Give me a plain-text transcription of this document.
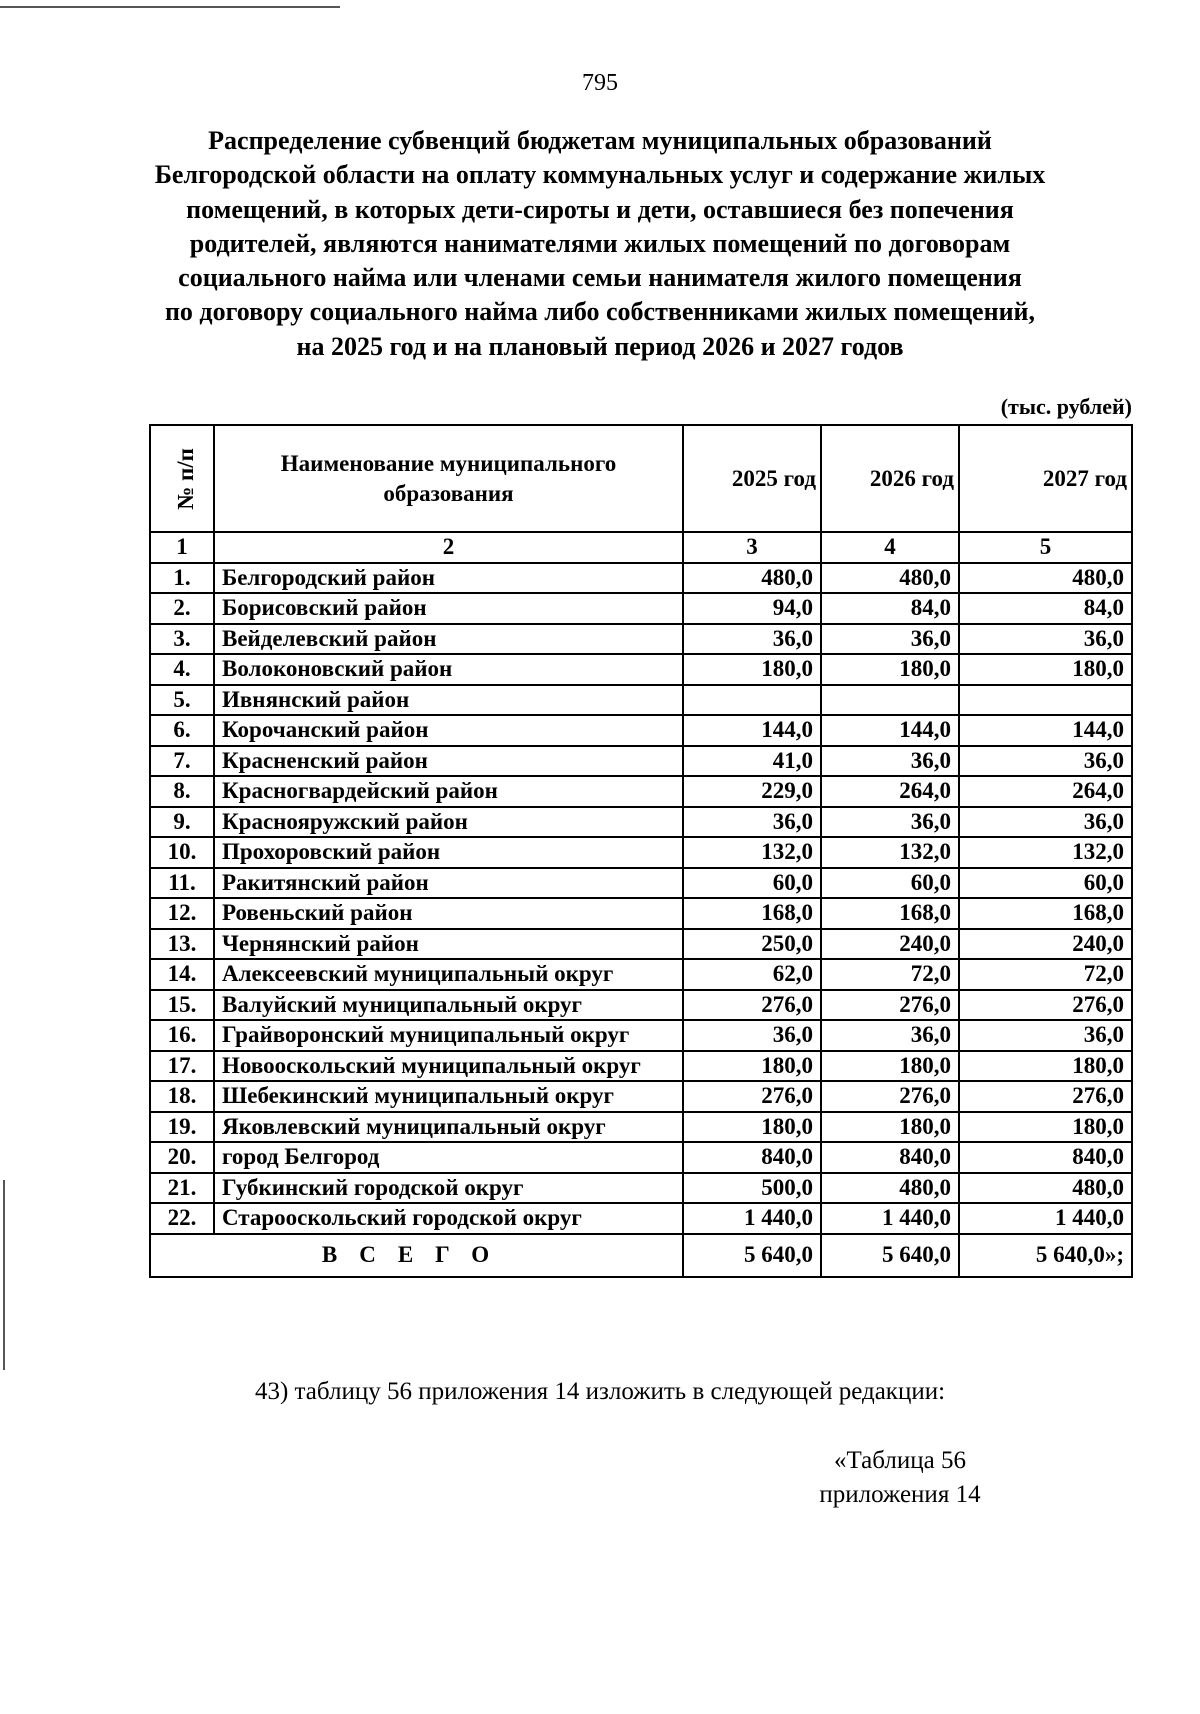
795
Распределение субвенций бюджетам муниципальных образований
Белгородской области на оплату коммунальных услуг и содержание жилых
помещений, в которых дети-сироты и дети, оставшиеся без попечения
родителей, являются нанимателями жилых помещений по договорам
социального найма или членами семьи нанимателя жилого помещения
по договору социального найма либо собственниками жилых помещений,
на 2025 год и на плановый период 2026 и 2027 годов
(тыс. рублей)
№ п/п	Наименование муниципального образования	2025 год	2026 год	2027 год
1	2	3	4	5
1.	Белгородский район	480,0	480,0	480,0
2.	Борисовский район	94,0	84,0	84,0
3.	Вейделевский район	36,0	36,0	36,0
4.	Волоконовский район	180,0	180,0	180,0
5.	Ивнянский район			
6.	Корочанский район	144,0	144,0	144,0
7.	Красненский район	41,0	36,0	36,0
8.	Красногвардейский район	229,0	264,0	264,0
9.	Краснояружский район	36,0	36,0	36,0
10.	Прохоровский район	132,0	132,0	132,0
11.	Ракитянский район	60,0	60,0	60,0
12.	Ровеньский район	168,0	168,0	168,0
13.	Чернянский район	250,0	240,0	240,0
14.	Алексеевский муниципальный округ	62,0	72,0	72,0
15.	Валуйский муниципальный округ	276,0	276,0	276,0
16.	Грайворонский муниципальный округ	36,0	36,0	36,0
17.	Новооскольский муниципальный округ	180,0	180,0	180,0
18.	Шебекинский муниципальный округ	276,0	276,0	276,0
19.	Яковлевский муниципальный округ	180,0	180,0	180,0
20.	город Белгород	840,0	840,0	840,0
21.	Губкинский городской округ	500,0	480,0	480,0
22.	Старооскольский городской округ	1 440,0	1 440,0	1 440,0
ВСЕГО		5 640,0	5 640,0	5 640,0»;
43) таблицу 56 приложения 14 изложить в следующей редакции:
«Таблица 56
приложения 14
